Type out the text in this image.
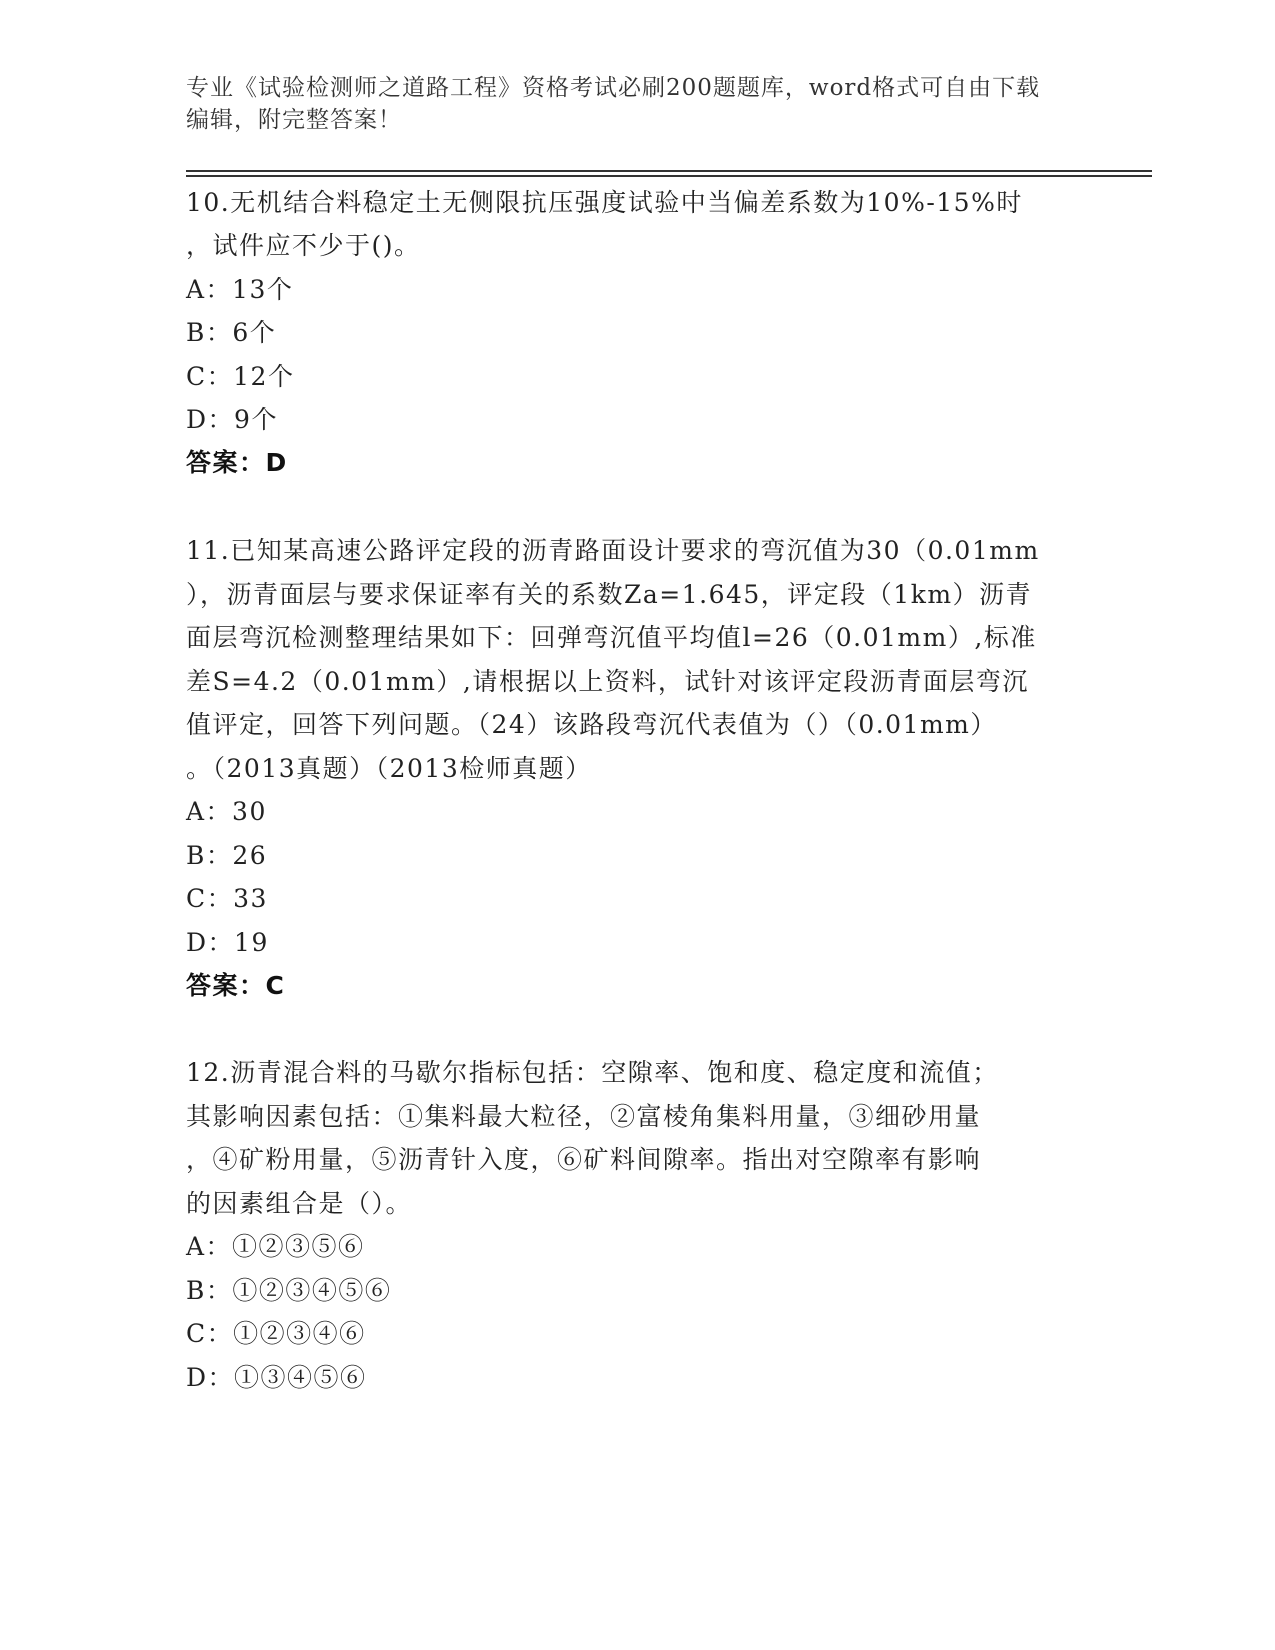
专业《试验检测师之道路工程》资格考试必刷200题题库，word格式可自由下载
编辑，附完整答案！
10.无机结合料稳定土无侧限抗压强度试验中当偏差系数为10%-15%时
，试件应不少于()。
A：13个
B：6个
C：12个
D：9个
答案：D
11.已知某高速公路评定段的沥青路面设计要求的弯沉值为30（0.01mm
），沥青面层与要求保证率有关的系数Za=1.645，评定段（1km）沥青
面层弯沉检测整理结果如下：回弹弯沉值平均值l=26（0.01mm）,标准
差S=4.2（0.01mm）,请根据以上资料，试针对该评定段沥青面层弯沉
值评定，回答下列问题。（24）该路段弯沉代表值为（）（0.01mm）
。（2013真题）（2013检师真题）
A：30
B：26
C：33
D：19
答案：C
12.沥青混合料的马歇尔指标包括：空隙率、饱和度、稳定度和流值；
其影响因素包括：①集料最大粒径，②富棱角集料用量，③细砂用量
，④矿粉用量，⑤沥青针入度，⑥矿料间隙率。指出对空隙率有影响
的因素组合是（）。
A：①②③⑤⑥
B：①②③④⑤⑥
C：①②③④⑥
D：①③④⑤⑥
